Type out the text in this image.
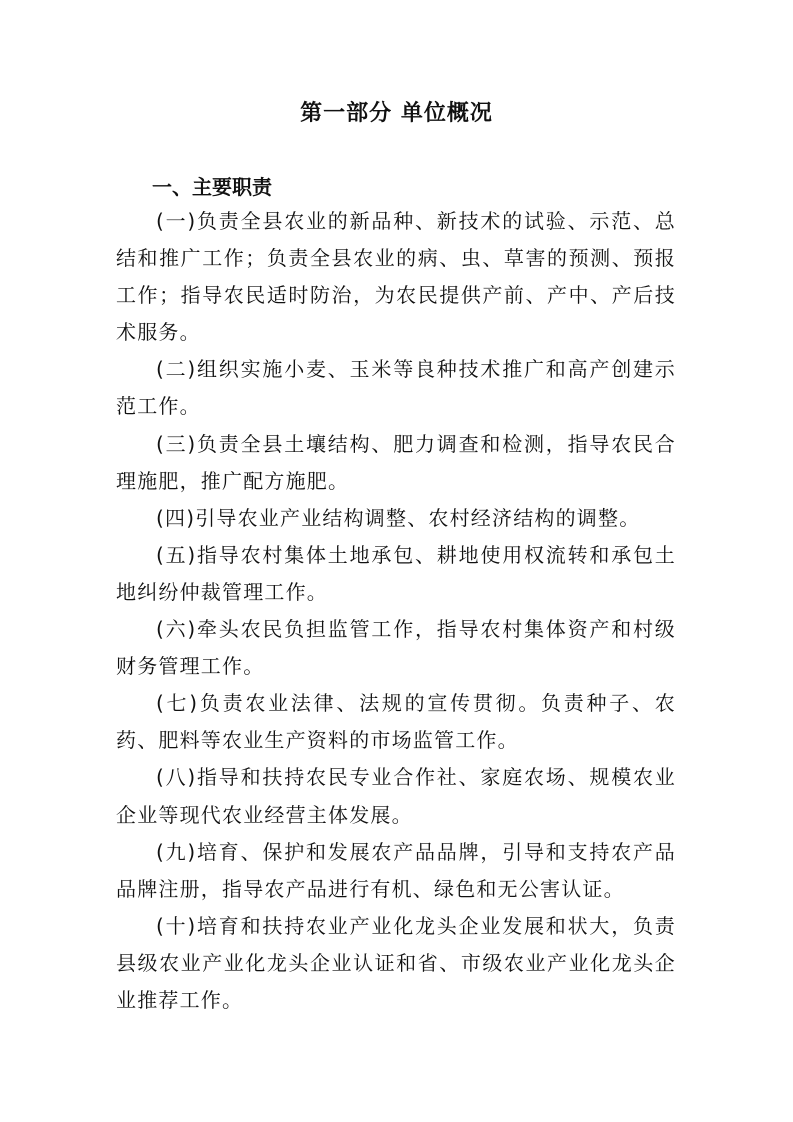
第一部分 单位概况
一、主要职责

(一)负责全县农业的新品种、新技术的试验、示范、总结和推广工作；负责全县农业的病、虫、草害的预测、预报工作；指导农民适时防治，为农民提供产前、产中、产后技术服务。

(二)组织实施小麦、玉米等良种技术推广和高产创建示范工作。

(三)负责全县土壤结构、肥力调查和检测，指导农民合理施肥，推广配方施肥。

(四)引导农业产业结构调整、农村经济结构的调整。

(五)指导农村集体土地承包、耕地使用权流转和承包土地纠纷仲裁管理工作。

(六)牵头农民负担监管工作，指导农村集体资产和村级财务管理工作。

(七)负责农业法律、法规的宣传贯彻。负责种子、农药、肥料等农业生产资料的市场监管工作。

(八)指导和扶持农民专业合作社、家庭农场、规模农业企业等现代农业经营主体发展。

(九)培育、保护和发展农产品品牌，引导和支持农产品品牌注册，指导农产品进行有机、绿色和无公害认证。

(十)培育和扶持农业产业化龙头企业发展和状大，负责县级农业产业化龙头企业认证和省、市级农业产业化龙头企业推荐工作。
